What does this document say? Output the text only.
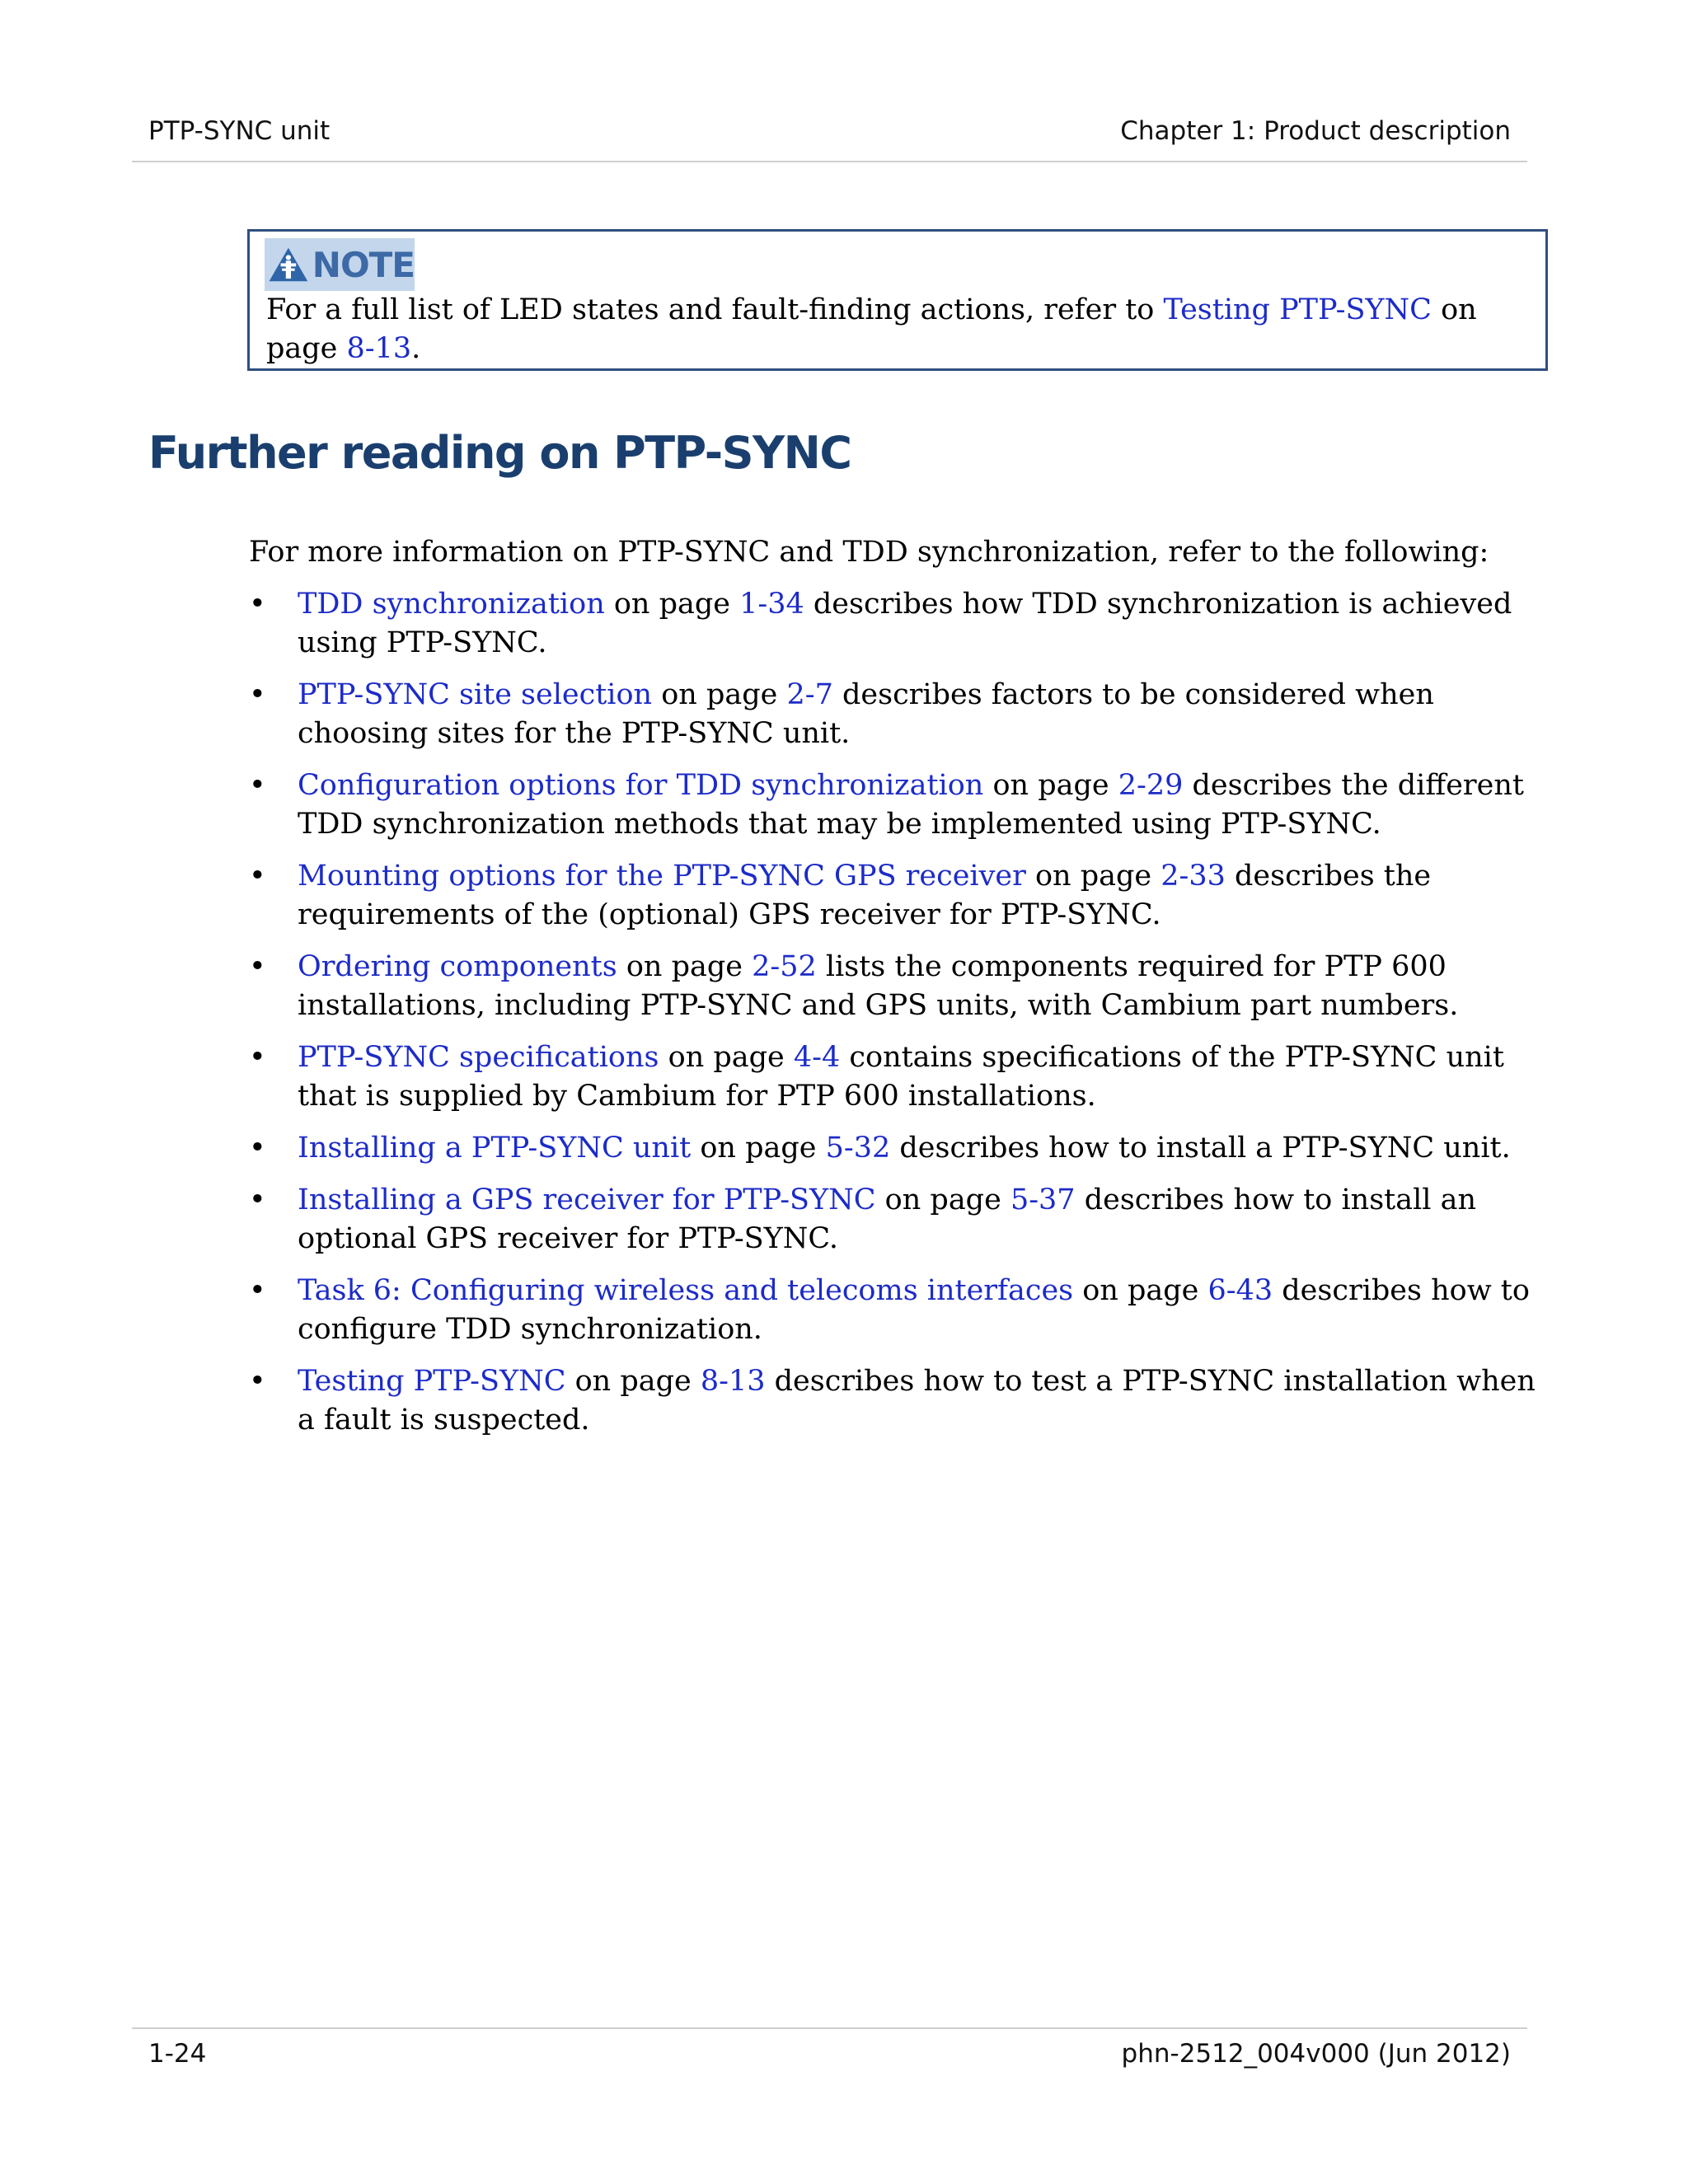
PTP-SYNC unit	Chapter 1: Product description
NOTE
For a full list of LED states and fault-finding actions, refer to Testing PTP-SYNC on page 8-13.
Further reading on PTP-SYNC
For more information on PTP-SYNC and TDD synchronization, refer to the following:
• TDD synchronization on page 1-34 describes how TDD synchronization is achieved using PTP-SYNC.
• PTP-SYNC site selection on page 2-7 describes factors to be considered when choosing sites for the PTP-SYNC unit.
• Configuration options for TDD synchronization on page 2-29 describes the different TDD synchronization methods that may be implemented using PTP-SYNC.
• Mounting options for the PTP-SYNC GPS receiver on page 2-33 describes the requirements of the (optional) GPS receiver for PTP-SYNC.
• Ordering components on page 2-52 lists the components required for PTP 600 installations, including PTP-SYNC and GPS units, with Cambium part numbers.
• PTP-SYNC specifications on page 4-4 contains specifications of the PTP-SYNC unit that is supplied by Cambium for PTP 600 installations.
• Installing a PTP-SYNC unit on page 5-32 describes how to install a PTP-SYNC unit.
• Installing a GPS receiver for PTP-SYNC on page 5-37 describes how to install an optional GPS receiver for PTP-SYNC.
• Task 6: Configuring wireless and telecoms interfaces on page 6-43 describes how to configure TDD synchronization.
• Testing PTP-SYNC on page 8-13 describes how to test a PTP-SYNC installation when a fault is suspected.
1-24	phn-2512_004v000 (Jun 2012)
